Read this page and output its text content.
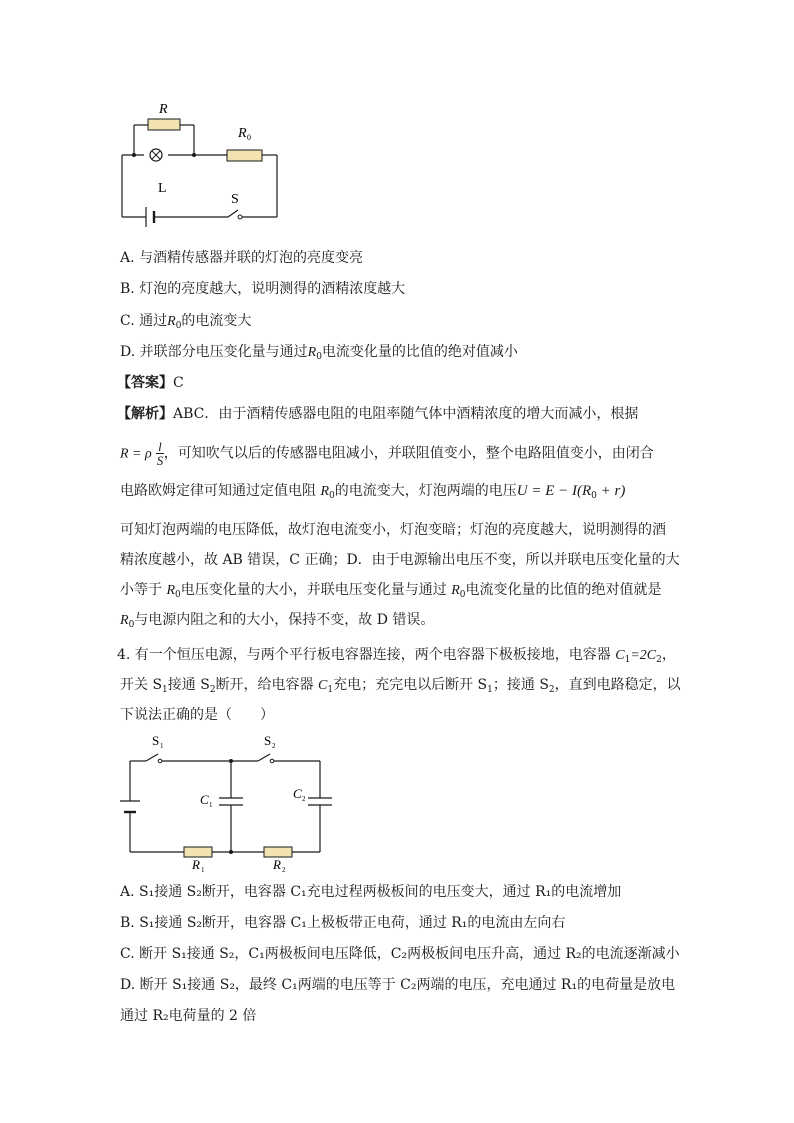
R
R 0
L
S
A. 与酒精传感器并联的灯泡的亮度变亮
B. 灯泡的亮度越大，说明测得的酒精浓度越大
C. 通过$R_0$的电流变大
D. 并联部分电压变化量与通过$R_0$电流变化量的比值的绝对值减小
【答案】C
【解析】ABC．由于酒精传感器电阻的电阻率随气体中酒精浓度的增大而减小，根据
R = ρ $\frac{l}{S}$ ，可知吹气以后的传感器电阻减小，并联阻值变小，整个电路阻值变小，由闭合
电路欧姆定律可知通过定值电阻 $R_0$的电流变大，灯泡两端的电压$U = E - I(R_0 + r)$
可知灯泡两端的电压降低，故灯泡电流变小，灯泡变暗；灯泡的亮度越大，说明测得的酒
精浓度越小，故 AB 错误，C 正确；D．由于电源输出电压不变，所以并联电压变化量的大
小等于 $R_0$电压变化量的大小，并联电压变化量与通过 $R_0$电流变化量的比值的绝对值就是
$R_0$与电源内阻之和的大小，保持不变，故 D 错误。
4. 有一个恒压电源，与两个平行板电容器连接，两个电容器下极板接地，电容器 $C_1=2C_2$，
开关 $S_1$接通 $S_2$断开，给电容器 $C_1$充电；充完电以后断开 $S_1$；接通 $S_2$，直到电路稳定，以
下说法正确的是（　　）
S 1	S 2
C 1
C 2
R 1	R 2
A. S₁接通 S₂断开，电容器 C₁充电过程两极板间的电压变大，通过 R₁的电流增加
B. S₁接通 S₂断开，电容器 C₁上极板带正电荷，通过 R₁的电流由左向右
C. 断开 S₁接通 S₂，C₁两极板间电压降低，C₂两极板间电压升高，通过 R₂的电流逐渐减小
D. 断开 S₁接通 S₂，最终 C₁两端的电压等于 C₂两端的电压，充电通过 R₁的电荷量是放电
通过 R₂电荷量的 2 倍
